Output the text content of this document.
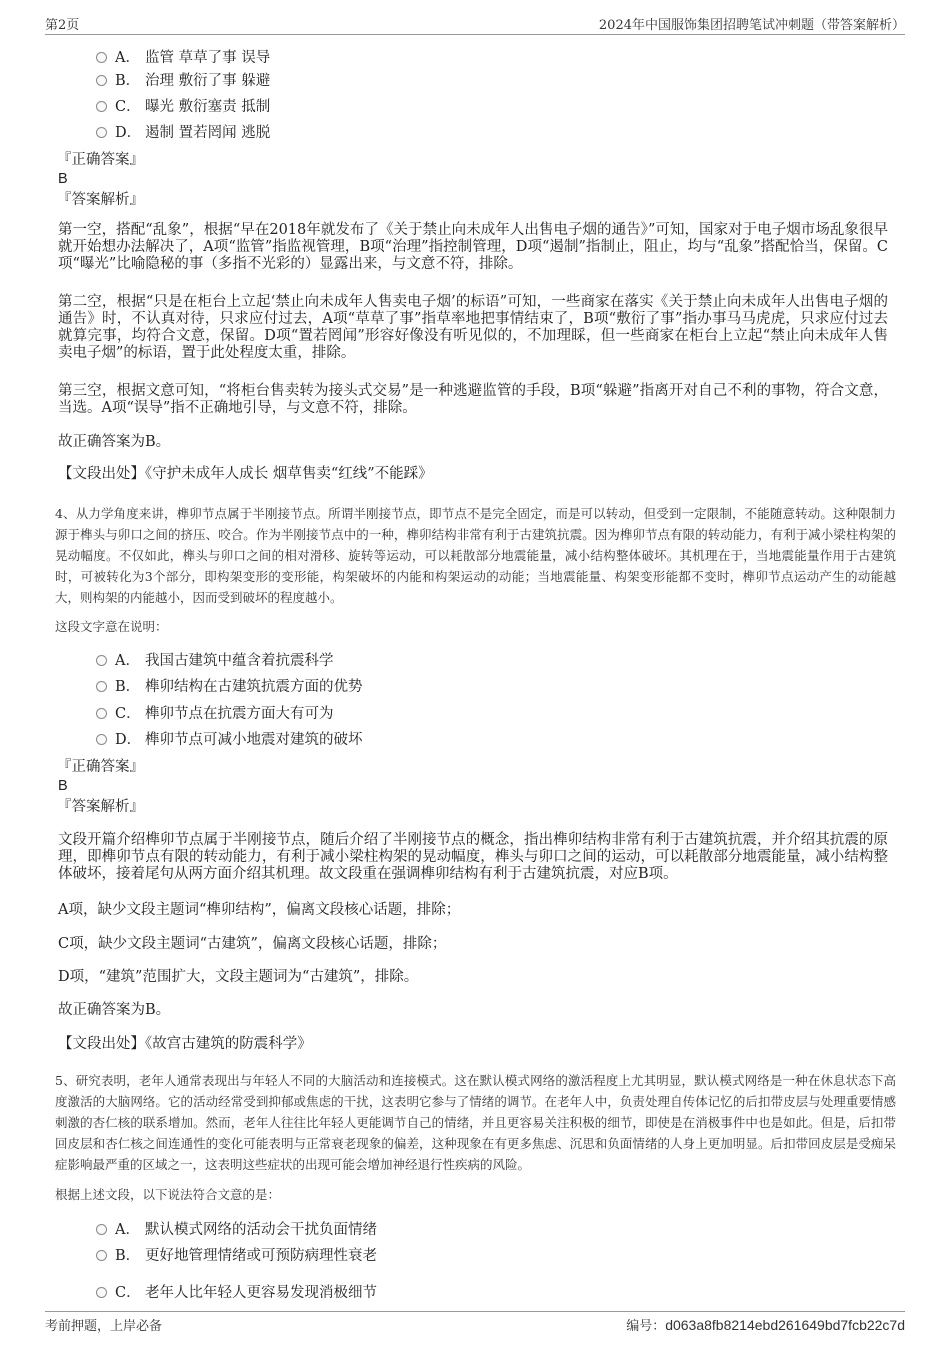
第2页	2024年中国服饰集团招聘笔试冲刺题（带答案解析）
A． 监管 草草了事 误导
B． 治理 敷衍了事 躲避
C． 曝光 敷衍塞责 抵制
D． 遏制 置若罔闻 逃脱
『正确答案』
B
『答案解析』
第一空，搭配“乱象”，根据“早在2018年就发布了《关于禁止向未成年人出售电子烟的通告》”可知，国家对于电子烟市场乱象很早就开始想办法解决了，A项“监管”指监视管理，B项“治理”指控制管理，D项“遏制”指制止，阻止，均与“乱象”搭配恰当，保留。C项“曝光”比喻隐秘的事（多指不光彩的）显露出来，与文意不符，排除。
第二空，根据“只是在柜台上立起‘禁止向未成年人售卖电子烟’的标语”可知，一些商家在落实《关于禁止向未成年人出售电子烟的通告》时，不认真对待，只求应付过去，A项“草草了事”指草率地把事情结束了，B项“敷衍了事”指办事马马虎虎，只求应付过去就算完事，均符合文意，保留。D项“置若罔闻”形容好像没有听见似的，不加理睬，但一些商家在柜台上立起“禁止向未成年人售卖电子烟”的标语，置于此处程度太重，排除。
第三空，根据文意可知，“将柜台售卖转为接头式交易”是一种逃避监管的手段，B项“躲避”指离开对自己不利的事物，符合文意，当选。A项“误导”指不正确地引导，与文意不符，排除。
故正确答案为B。
【文段出处】《守护未成年人成长 烟草售卖“红线”不能踩》
4、从力学角度来讲，榫卯节点属于半刚接节点。所谓半刚接节点，即节点不是完全固定，而是可以转动，但受到一定限制，不能随意转动。这种限制力源于榫头与卯口之间的挤压、咬合。作为半刚接节点中的一种，榫卯结构非常有利于古建筑抗震。因为榫卯节点有限的转动能力，有利于减小梁柱构架的晃动幅度。不仅如此，榫头与卯口之间的相对滑移、旋转等运动，可以耗散部分地震能量，减小结构整体破坏。其机理在于，当地震能量作用于古建筑时，可被转化为3个部分，即构架变形的变形能，构架破坏的内能和构架运动的动能；当地震能量、构架变形能都不变时，榫卯节点运动产生的动能越大，则构架的内能越小，因而受到破坏的程度越小。
这段文字意在说明：
A． 我国古建筑中蕴含着抗震科学
B． 榫卯结构在古建筑抗震方面的优势
C． 榫卯节点在抗震方面大有可为
D． 榫卯节点可减小地震对建筑的破坏
『正确答案』
B
『答案解析』
文段开篇介绍榫卯节点属于半刚接节点，随后介绍了半刚接节点的概念，指出榫卯结构非常有利于古建筑抗震，并介绍其抗震的原理，即榫卯节点有限的转动能力，有利于减小梁柱构架的晃动幅度，榫头与卯口之间的运动，可以耗散部分地震能量，减小结构整体破坏，接着尾句从两方面介绍其机理。故文段重在强调榫卯结构有利于古建筑抗震，对应B项。
A项，缺少文段主题词“榫卯结构”，偏离文段核心话题，排除；
C项，缺少文段主题词“古建筑”，偏离文段核心话题，排除；
D项，“建筑”范围扩大，文段主题词为“古建筑”，排除。
故正确答案为B。
【文段出处】《故宫古建筑的防震科学》
5、研究表明，老年人通常表现出与年轻人不同的大脑活动和连接模式。这在默认模式网络的激活程度上尤其明显，默认模式网络是一种在休息状态下高度激活的大脑网络。它的活动经常受到抑郁或焦虑的干扰，这表明它参与了情绪的调节。在老年人中，负责处理自传体记忆的后扣带皮层与处理重要情感刺激的杏仁核的联系增加。然而，老年人往往比年轻人更能调节自己的情绪，并且更容易关注积极的细节，即使是在消极事件中也是如此。但是，后扣带回皮层和杏仁核之间连通性的变化可能表明与正常衰老现象的偏差，这种现象在有更多焦虑、沉思和负面情绪的人身上更加明显。后扣带回皮层是受痴呆症影响最严重的区域之一，这表明这些症状的出现可能会增加神经退行性疾病的风险。
根据上述文段，以下说法符合文意的是：
A． 默认模式网络的活动会干扰负面情绪
B． 更好地管理情绪或可预防病理性衰老
C． 老年人比年轻人更容易发现消极细节
考前押题，上岸必备	编号：d063a8fb8214ebd261649bd7fcb22c7d
